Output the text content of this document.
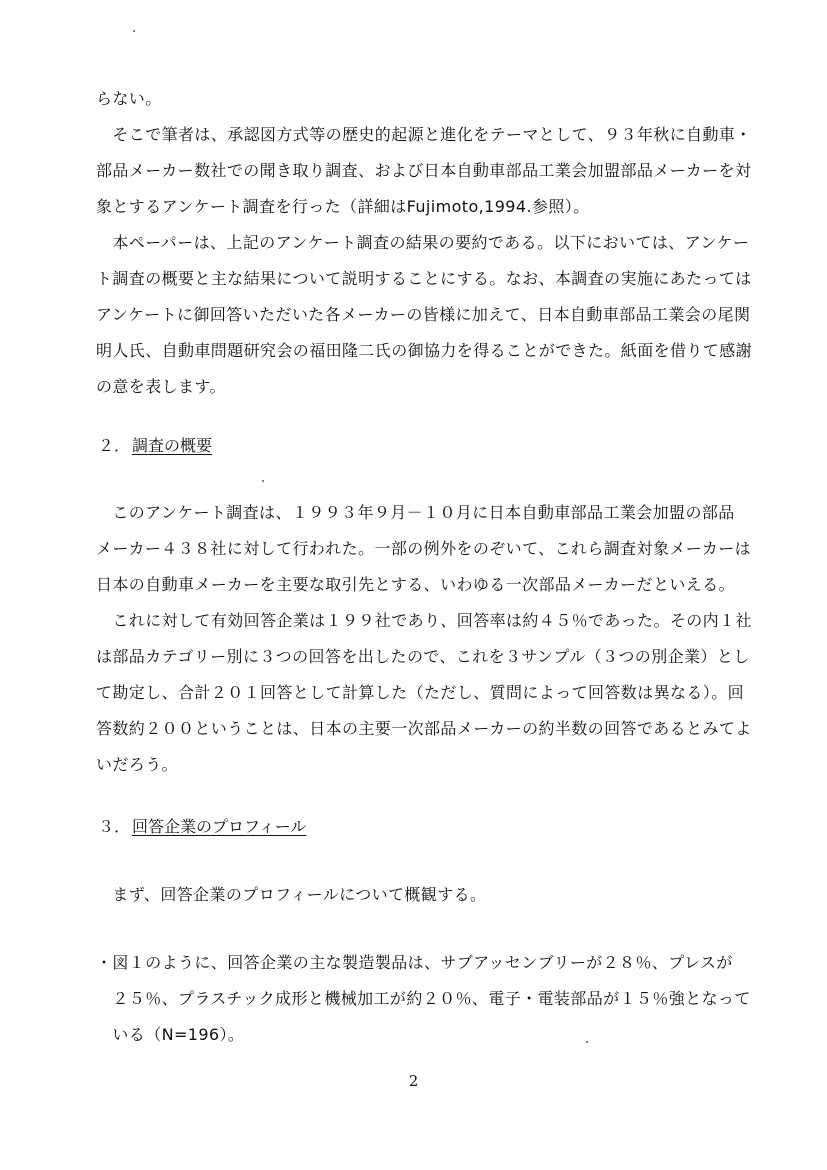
らない。
　そこで筆者は、承認図方式等の歴史的起源と進化をテーマとして、９３年秋に自動車・
部品メーカー数社での聞き取り調査、および日本自動車部品工業会加盟部品メーカーを対
象とするアンケート調査を行った（詳細はFujimoto,1994.参照）。
　本ペーパーは、上記のアンケート調査の結果の要約である。以下においては、アンケー
ト調査の概要と主な結果について説明することにする。なお、本調査の実施にあたっては
アンケートに御回答いただいた各メーカーの皆様に加えて、日本自動車部品工業会の尾関
明人氏、自動車問題研究会の福田隆二氏の御協力を得ることができた。紙面を借りて感謝
の意を表します。
２． 調査の概要
　このアンケート調査は、１９９３年９月－１０月に日本自動車部品工業会加盟の部品
メーカー４３８社に対して行われた。一部の例外をのぞいて、これら調査対象メーカーは
日本の自動車メーカーを主要な取引先とする、いわゆる一次部品メーカーだといえる。
　これに対して有効回答企業は１９９社であり、回答率は約４５％であった。その内１社
は部品カテゴリー別に３つの回答を出したので、これを３サンプル（３つの別企業）とし
て勘定し、合計２０１回答として計算した（ただし、質問によって回答数は異なる）。回
答数約２００ということは、日本の主要一次部品メーカーの約半数の回答であるとみてよ
いだろう。
３． 回答企業のプロフィール
　まず、回答企業のプロフィールについて概観する。
・図１のように、回答企業の主な製造製品は、サブアッセンブリーが２８％、プレスが
　２５％、プラスチック成形と機械加工が約２０％、電子・電装部品が１５％強となって
　いる（N=196）。
2
